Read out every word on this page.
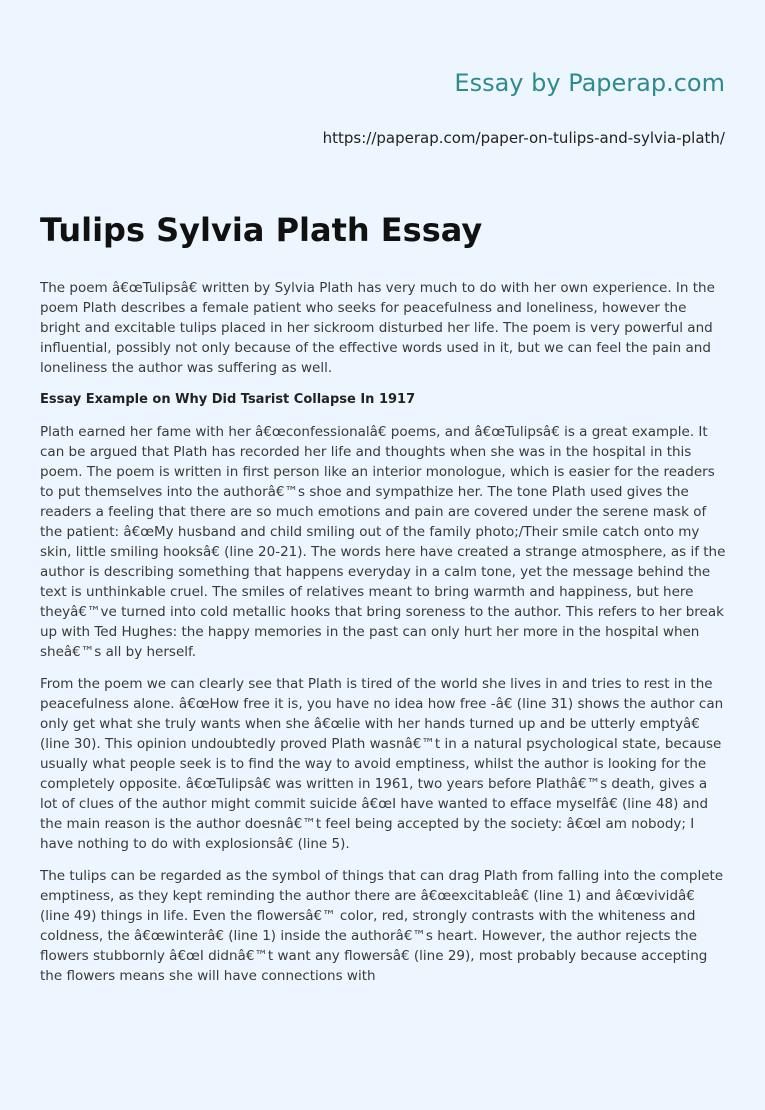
Essay by Paperap.com
https://paperap.com/paper-on-tulips-and-sylvia-plath/
Tulips Sylvia Plath Essay

The poem â€œTulipsâ€ written by Sylvia Plath has very much to do with her own experience. In the poem Plath describes a female patient who seeks for peacefulness and loneliness, however the bright and excitable tulips placed in her sickroom disturbed her life. The poem is very powerful and influential, possibly not only because of the effective words used in it, but we can feel the pain and loneliness the author was suffering as well.

Essay Example on Why Did Tsarist Collapse In 1917

Plath earned her fame with her â€œconfessionalâ€ poems, and â€œTulipsâ€ is a great example. It can be argued that Plath has recorded her life and thoughts when she was in the hospital in this poem. The poem is written in first person like an interior monologue, which is easier for the readers to put themselves into the authorâ€™s shoe and sympathize her. The tone Plath used gives the readers a feeling that there are so much emotions and pain are covered under the serene mask of the patient: â€œMy husband and child smiling out of the family photo;/Their smile catch onto my skin, little smiling hooksâ€ (line 20-21). The words here have created a strange atmosphere, as if the author is describing something that happens everyday in a calm tone, yet the message behind the text is unthinkable cruel. The smiles of relatives meant to bring warmth and happiness, but here theyâ€™ve turned into cold metallic hooks that bring soreness to the author. This refers to her break up with Ted Hughes: the happy memories in the past can only hurt her more in the hospital when sheâ€™s all by herself.

From the poem we can clearly see that Plath is tired of the world she lives in and tries to rest in the peacefulness alone. â€œHow free it is, you have no idea how free -â€ (line 31) shows the author can only get what she truly wants when she â€œlie with her hands turned up and be utterly emptyâ€ (line 30). This opinion undoubtedly proved Plath wasnâ€™t in a natural psychological state, because usually what people seek is to find the way to avoid emptiness, whilst the author is looking for the completely opposite. â€œTulipsâ€ was written in 1961, two years before Plathâ€™s death, gives a lot of clues of the author might commit suicide â€œI have wanted to efface myselfâ€ (line 48) and the main reason is the author doesnâ€™t feel being accepted by the society: â€œI am nobody; I have nothing to do with explosionsâ€ (line 5).

The tulips can be regarded as the symbol of things that can drag Plath from falling into the complete emptiness, as they kept reminding the author there are â€œexcitableâ€ (line 1) and â€œvividâ€ (line 49) things in life. Even the flowersâ€™ color, red, strongly contrasts with the whiteness and coldness, the â€œwinterâ€ (line 1) inside the authorâ€™s heart. However, the author rejects the flowers stubbornly â€œI didnâ€™t want any flowersâ€ (line 29), most probably because accepting the flowers means she will have connections with
